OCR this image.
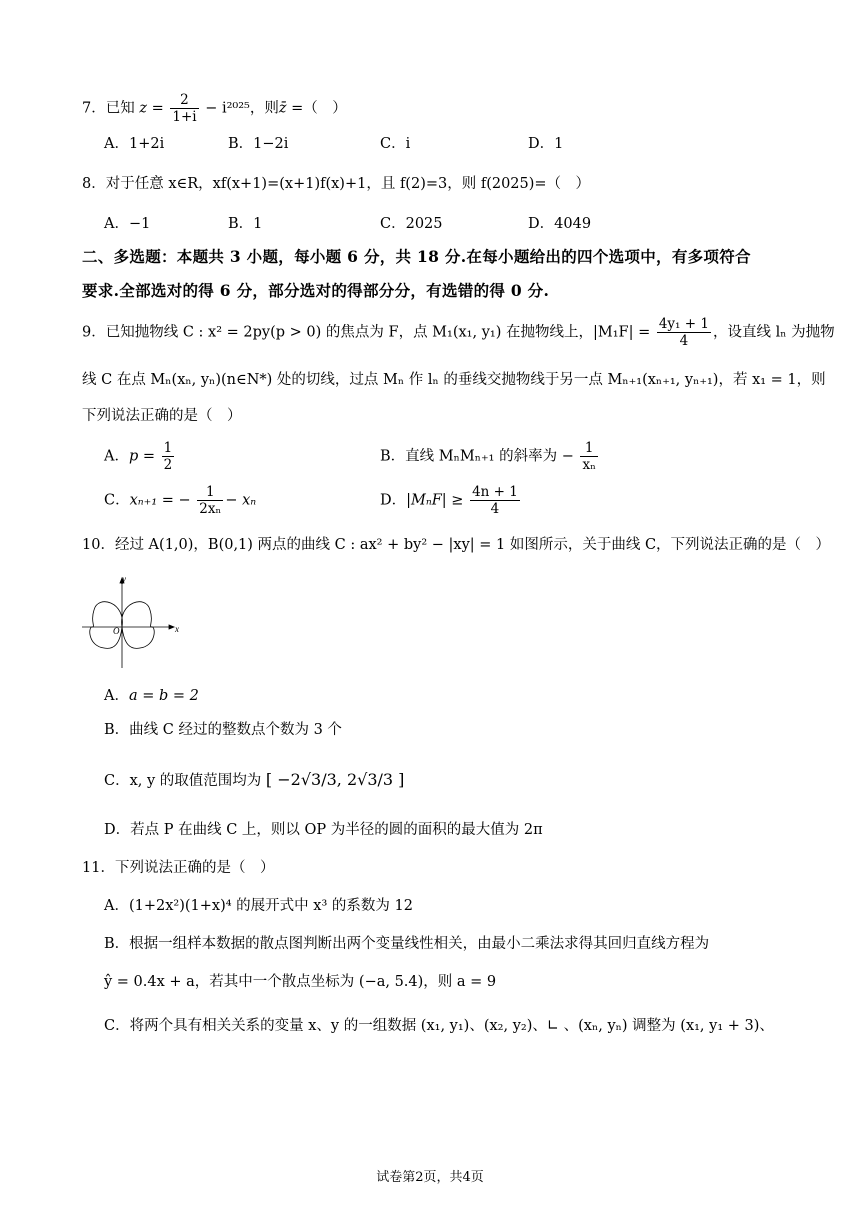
7．已知 $z = \frac{2}{1+i} - i^{2025}$，则z̄ =（　）
A．1+2i	B．1−2i	C．i	D．1
8．对于任意 x∈R，xf(x+1)=(x+1)f(x)+1，且 f(2)=3，则 f(2025)=（　）
A．−1	B．1	C．2025	D．4049
二、多选题：本题共 3 小题，每小题 6 分，共 18 分.在每小题给出的四个选项中，有多项符合
要求.全部选对的得 6 分，部分选对的得部分分，有选错的得 0 分.
9．已知抛物线 C : x² = 2py(p > 0) 的焦点为 F，点 M₁(x₁, y₁) 在抛物线上，$|M_1F| = \frac{\text{4y₁ + 1}}{4}$ ，设直线 lₙ 为抛物
线 C 在点 Mₙ(xₙ, yₙ)(n∈N*) 处的切线，过点 Mₙ 作 lₙ 的垂线交抛物线于另一点 Mₙ₊₁(xₙ₊₁, yₙ₊₁)，若 x₁ = 1，则
下列说法正确的是（　）
A．$p = \frac{1}{2}$	B．直线 MₙMₙ₊₁ 的斜率为 − $\frac{1}{\text{xₙ}}$
C．xₙ₊₁ = − $\frac{1}{\text{2xₙ}} - x_n$	D．$|M_nF| \ge \frac{4n + 1}{4}$
10．经过 A(1,0)，B(0,1) 两点的曲线 C : ax² + by² − |xy| = 1 如图所示，关于曲线 C，下列说法正确的是（　）
y
x
O
A．a = b = 2
B．曲线 C 经过的整数点个数为 3 个
C．x, y 的取值范围均为 [ −2√3/3, 2√3/3 ]
D．若点 P 在曲线 C 上，则以 OP 为半径的圆的面积的最大值为 2π
11．下列说法正确的是（　）
A．(1+2x²)(1+x)⁴ 的展开式中 x³ 的系数为 12
B．根据一组样本数据的散点图判断出两个变量线性相关，由最小二乘法求得其回归直线方程为
ŷ = 0.4x + a，若其中一个散点坐标为 (−a, 5.4)，则 a = 9
C．将两个具有相关关系的变量 x、y 的一组数据 (x₁, y₁)、(x₂, y₂)、∟ 、(xₙ, yₙ) 调整为 (x₁, y₁ + 3)、
试卷第2页，共4页
